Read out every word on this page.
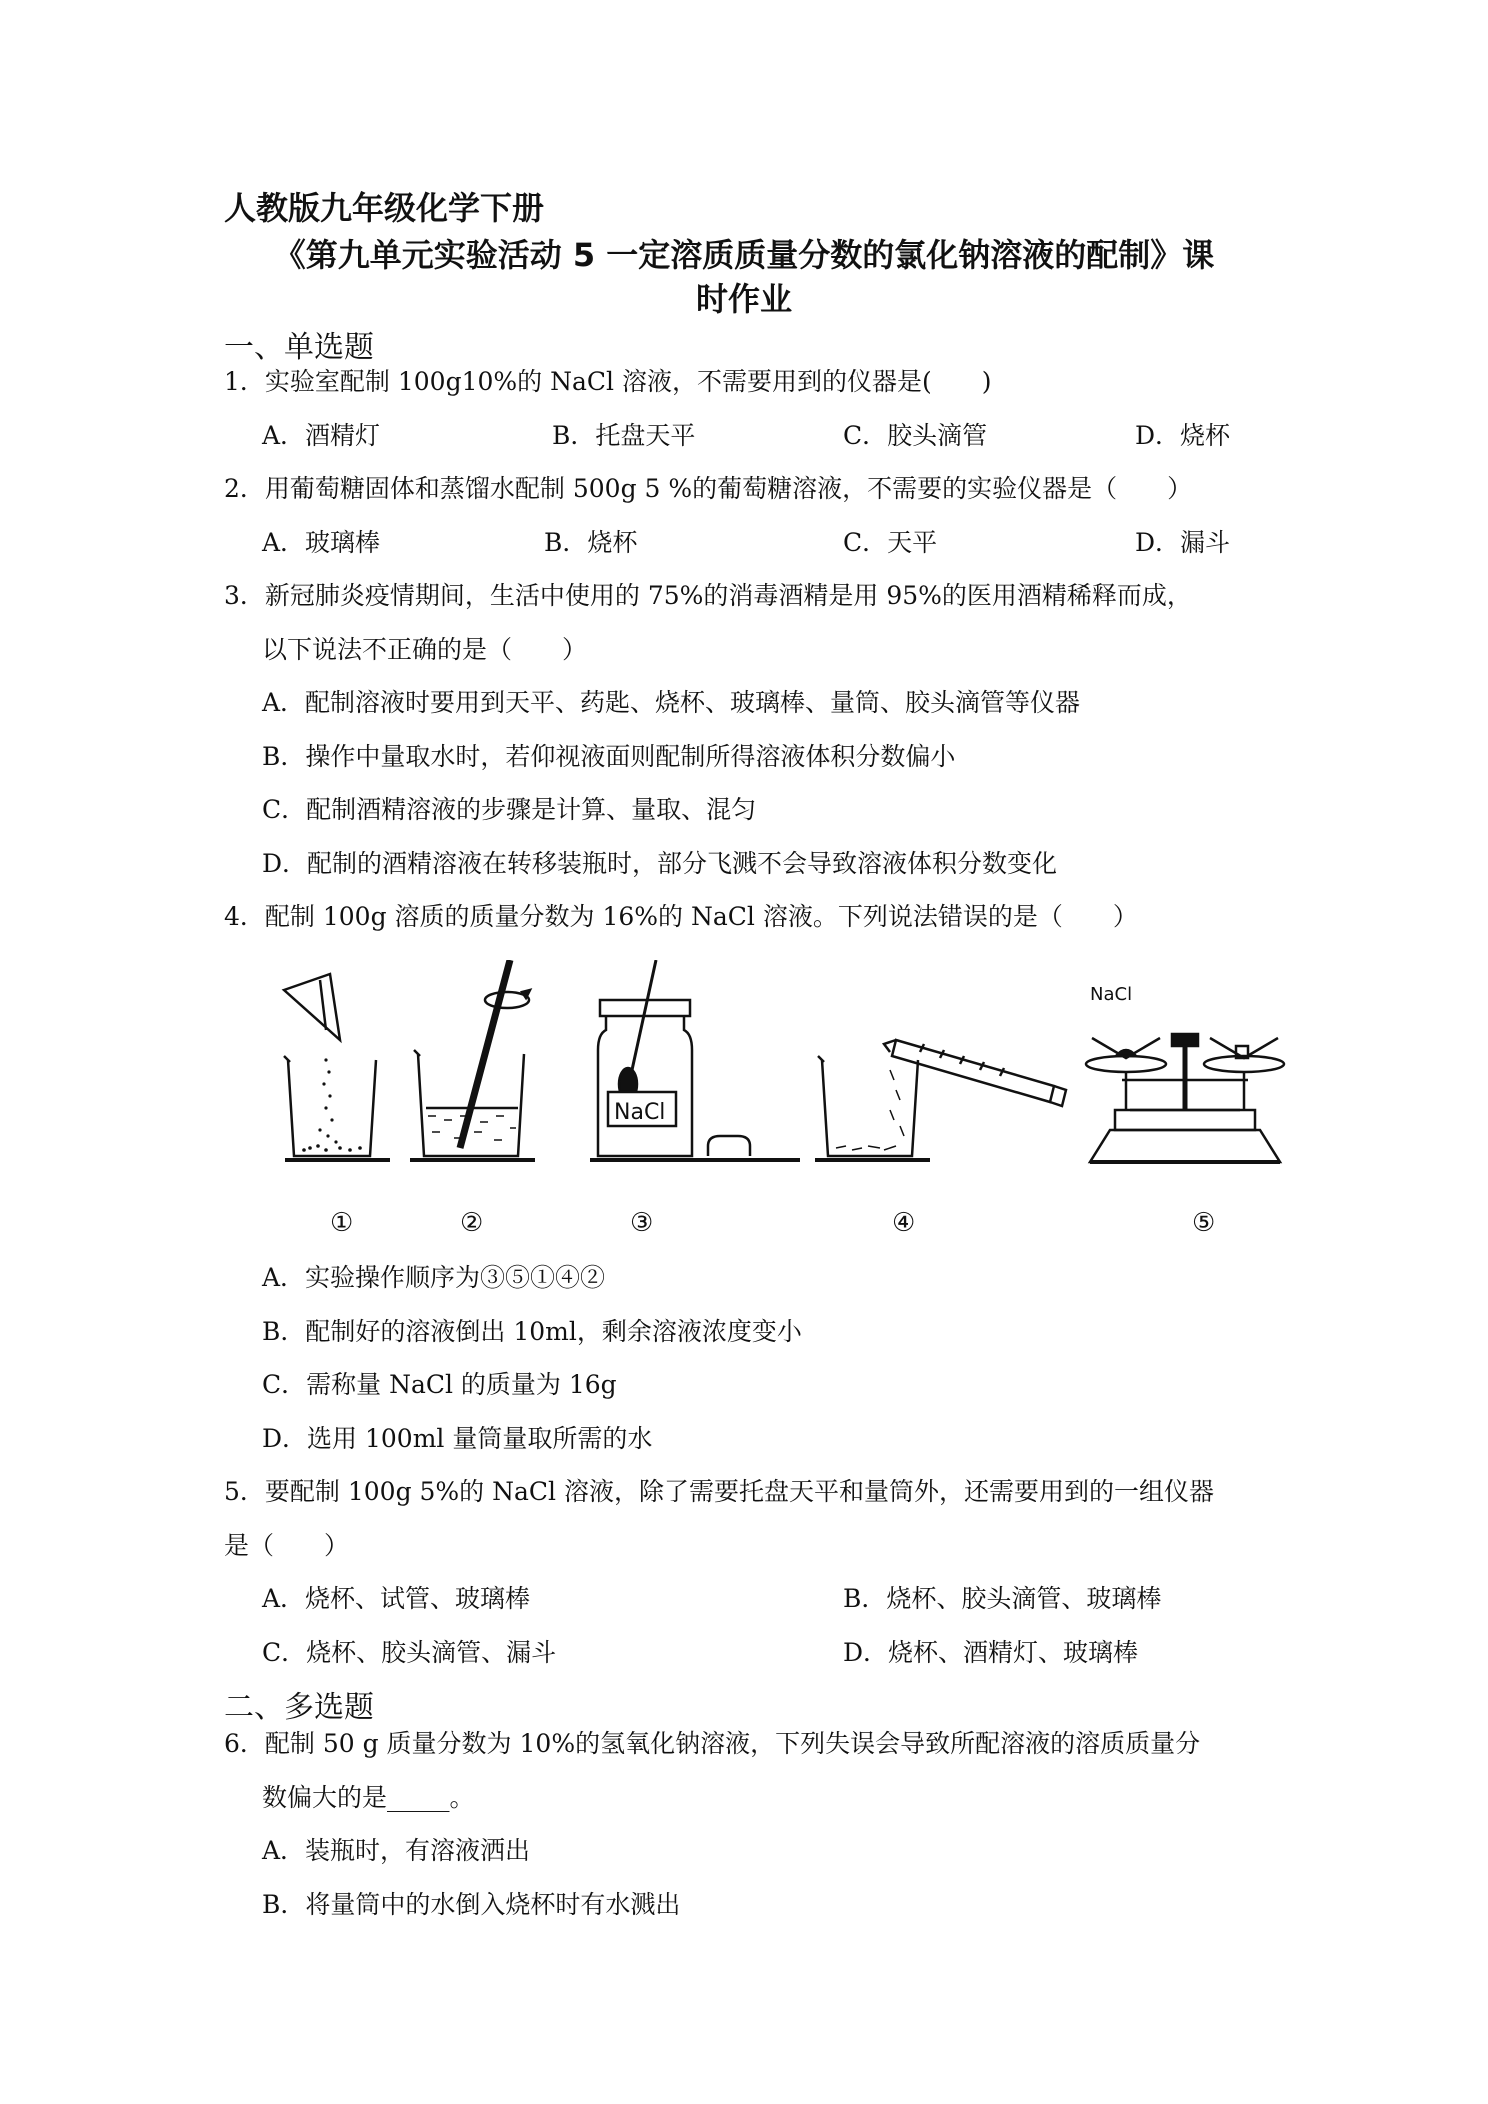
人教版九年级化学下册
《第九单元实验活动 5 一定溶质质量分数的氯化钠溶液的配制》课
时作业
一、单选题
1．实验室配制 100g10%的 NaCl 溶液，不需要用到的仪器是(　　)
A．酒精灯	B．托盘天平	C．胶头滴管	D．烧杯
2．用葡萄糖固体和蒸馏水配制 500g 5 %的葡萄糖溶液，不需要的实验仪器是（　　）
A．玻璃棒	B．烧杯	C．天平	D．漏斗
3．新冠肺炎疫情期间，生活中使用的 75%的消毒酒精是用 95%的医用酒精稀释而成，
以下说法不正确的是（　　）
A．配制溶液时要用到天平、药匙、烧杯、玻璃棒、量筒、胶头滴管等仪器
B．操作中量取水时，若仰视液面则配制所得溶液体积分数偏小
C．配制酒精溶液的步骤是计算、量取、混匀
D．配制的酒精溶液在转移装瓶时，部分飞溅不会导致溶液体积分数变化
4．配制 100g 溶质的质量分数为 16%的 NaCl 溶液。下列说法错误的是（　　）
NaCl
NaCl
①	②	③	④	⑤
A．实验操作顺序为③⑤①④②
B．配制好的溶液倒出 10ml，剩余溶液浓度变小
C．需称量 NaCl 的质量为 16g
D．选用 100ml 量筒量取所需的水
5．要配制 100g 5%的 NaCl 溶液，除了需要托盘天平和量筒外，还需要用到的一组仪器
是（　　）
A．烧杯、试管、玻璃棒	B．烧杯、胶头滴管、玻璃棒
C．烧杯、胶头滴管、漏斗	D．烧杯、酒精灯、玻璃棒
二、多选题
6．配制 50 g 质量分数为 10%的氢氧化钠溶液，下列失误会导致所配溶液的溶质质量分
数偏大的是_____。
A．装瓶时，有溶液洒出
B．将量筒中的水倒入烧杯时有水溅出
